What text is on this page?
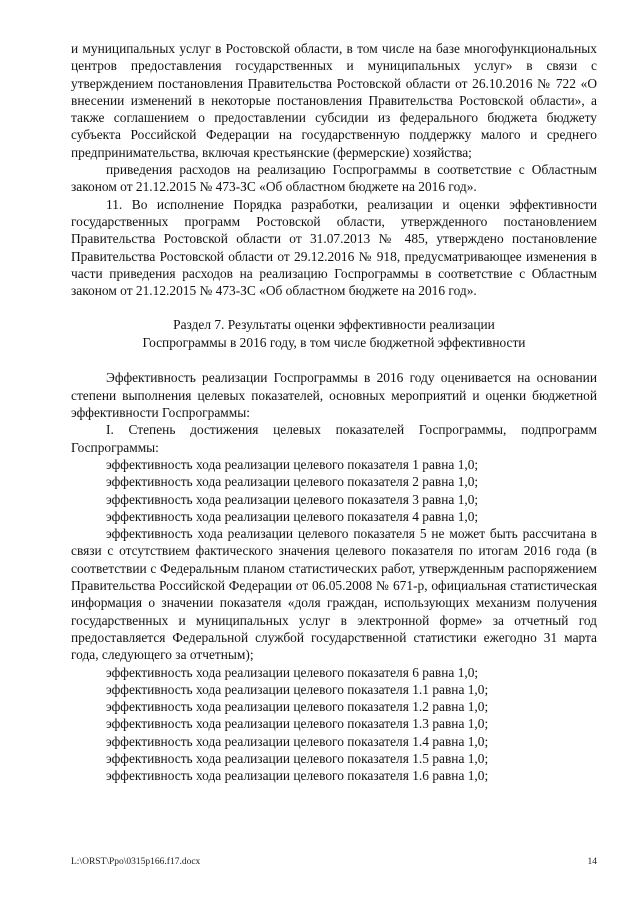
и муниципальных услуг в Ростовской области, в том числе на базе многофункциональных центров предоставления государственных и муниципальных услуг» в связи с утверждением постановления Правительства Ростовской области от 26.10.2016 № 722 «О внесении изменений в некоторые постановления Правительства Ростовской области», а также соглашением о предоставлении субсидии из федерального бюджета бюджету субъекта Российской Федерации на государственную поддержку малого и среднего предпринимательства, включая крестьянские (фермерские) хозяйства;

приведения расходов на реализацию Госпрограммы в соответствие с Областным законом от 21.12.2015 № 473-ЗС «Об областном бюджете на 2016 год».

11. Во исполнение Порядка разработки, реализации и оценки эффективности государственных программ Ростовской области, утвержденного постановлением Правительства Ростовской области от 31.07.2013 № 485, утверждено постановление Правительства Ростовской области от 29.12.2016 № 918, предусматривающее изменения в части приведения расходов на реализацию Госпрограммы в соответствие с Областным законом от 21.12.2015 № 473-ЗС «Об областном бюджете на 2016 год».

Раздел 7. Результаты оценки эффективности реализации

Госпрограммы в 2016 году, в том числе бюджетной эффективности

Эффективность реализации Госпрограммы в 2016 году оценивается на основании степени выполнения целевых показателей, основных мероприятий и оценки бюджетной эффективности Госпрограммы:

I. Степень достижения целевых показателей Госпрограммы, подпрограмм Госпрограммы:

эффективность хода реализации целевого показателя 1 равна 1,0;

эффективность хода реализации целевого показателя 2 равна 1,0;

эффективность хода реализации целевого показателя 3 равна 1,0;

эффективность хода реализации целевого показателя 4 равна 1,0;

эффективность хода реализации целевого показателя 5 не может быть рассчитана в связи с отсутствием фактического значения целевого показателя по итогам 2016 года (в соответствии с Федеральным планом статистических работ, утвержденным распоряжением Правительства Российской Федерации от 06.05.2008 № 671-р, официальная статистическая информация о значении показателя «доля граждан, использующих механизм получения государственных и муниципальных услуг в электронной форме» за отчетный год предоставляется Федеральной службой государственной статистики ежегодно 31 марта года, следующего за отчетным);

эффективность хода реализации целевого показателя 6 равна 1,0;

эффективность хода реализации целевого показателя 1.1 равна 1,0;

эффективность хода реализации целевого показателя 1.2 равна 1,0;

эффективность хода реализации целевого показателя 1.3 равна 1,0;

эффективность хода реализации целевого показателя 1.4 равна 1,0;

эффективность хода реализации целевого показателя 1.5 равна 1,0;

эффективность хода реализации целевого показателя 1.6 равна 1,0;

L:\ORST\Ppo\0315p166.f17.docx	14
